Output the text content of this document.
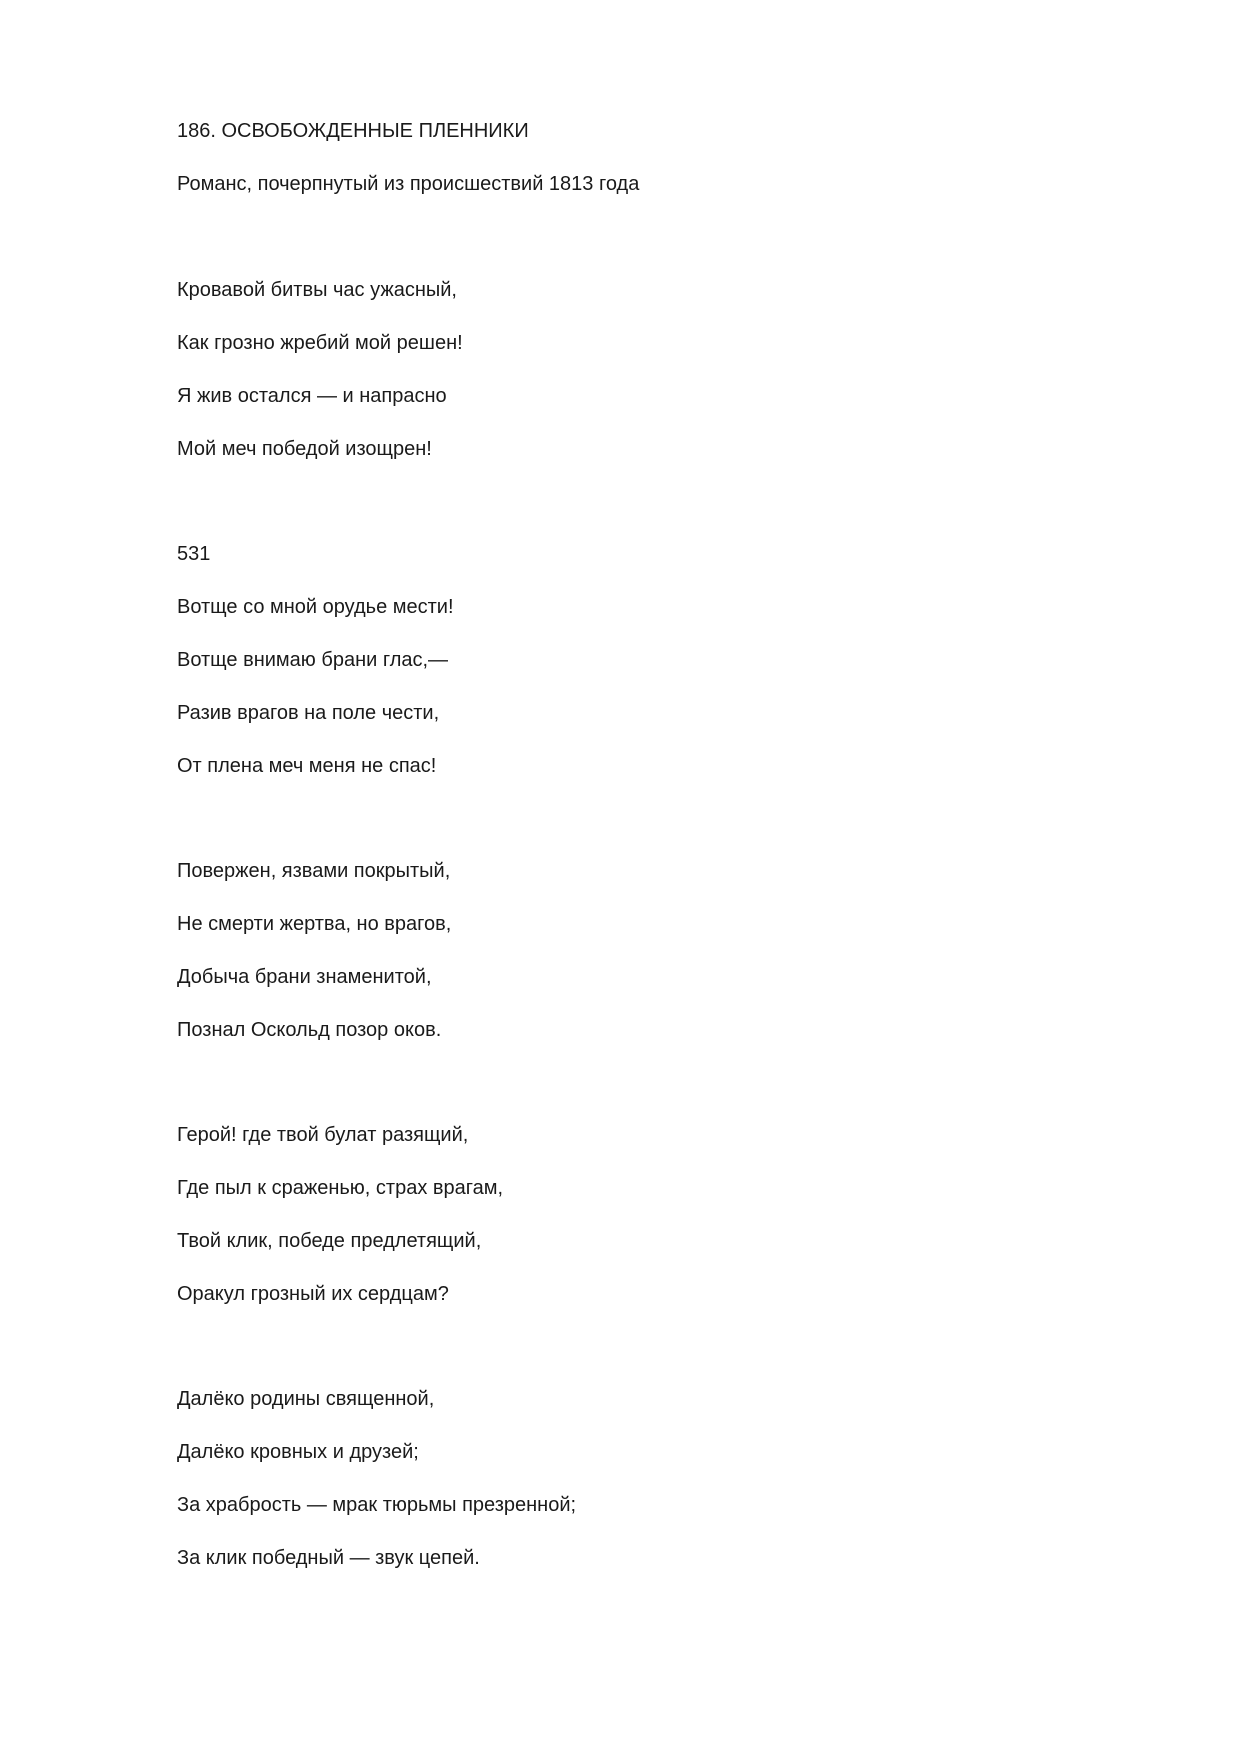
186. ОСВОБОЖДЕННЫЕ ПЛЕННИКИ

Романс, почерпнутый из происшествий 1813 года

Кровавой битвы час ужасный,

Как грозно жребий мой решен!

Я жив остался — и напрасно

Мой меч победой изощрен!

531

Вотще со мной орудье мести!

Вотще внимаю брани глас,—

Разив врагов на поле чести,

От плена меч меня не спас!

Повержен, язвами покрытый,

Не смерти жертва, но врагов,

Добыча брани знаменитой,

Познал Оскольд позор оков.

Герой! где твой булат разящий,

Где пыл к сраженью, страх врагам,

Твой клик, победе предлетящий,

Оракул грозный их сердцам?

Далёко родины священной,

Далёко кровных и друзей;

За храбрость — мрак тюрьмы презренной;

За клик победный — звук цепей.
